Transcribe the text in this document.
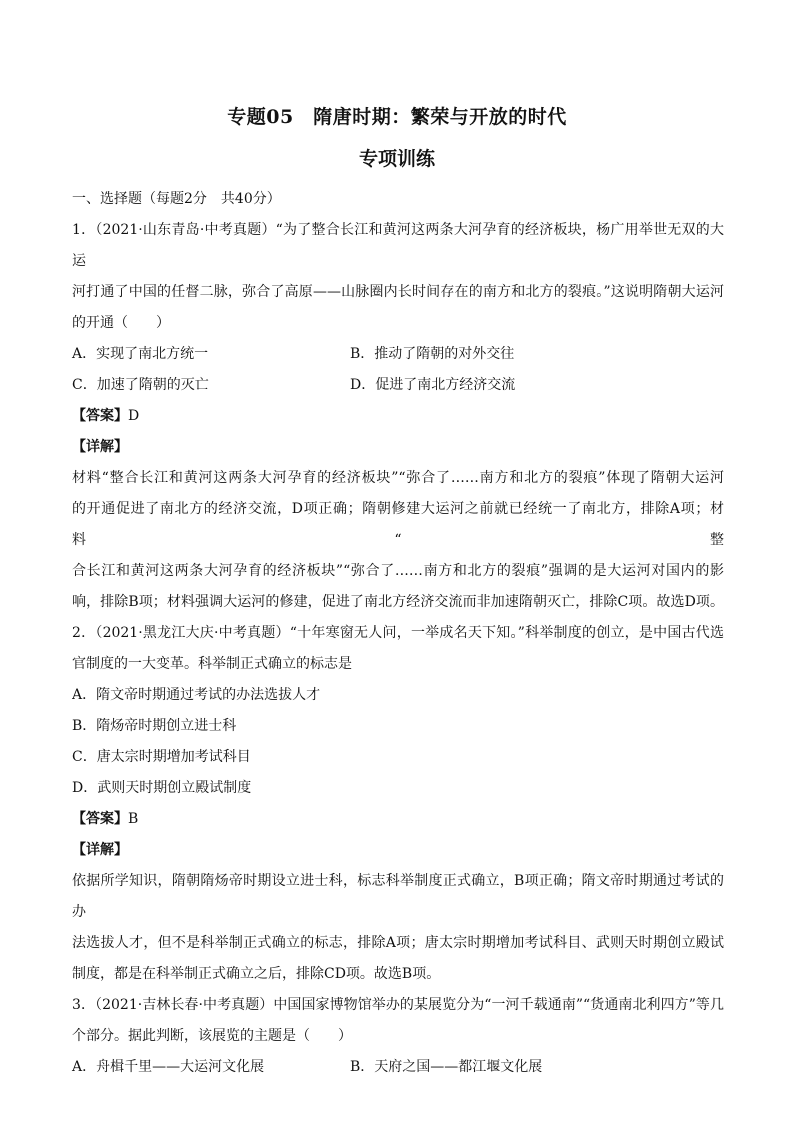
专题05　隋唐时期：繁荣与开放的时代
专项训练
一、选择题（每题2分　共40分）
1．（2021·山东青岛·中考真题）“为了整合长江和黄河这两条大河孕育的经济板块，杨广用举世无双的大运
河打通了中国的任督二脉，弥合了高原——山脉圈内长时间存在的南方和北方的裂痕。”这说明隋朝大运河
的开通（　　）
A．实现了南北方统一	B．推动了隋朝的对外交往
C．加速了隋朝的灭亡	D．促进了南北方经济交流
【答案】D
【详解】
材料“整合长江和黄河这两条大河孕育的经济板块”“弥合了……南方和北方的裂痕”体现了隋朝大运河
的开通促进了南北方的经济交流，D项正确；隋朝修建大运河之前就已经统一了南北方，排除A项；材料“整
合长江和黄河这两条大河孕育的经济板块”“弥合了……南方和北方的裂痕”强调的是大运河对国内的影
响，排除B项；材料强调大运河的修建，促进了南北方经济交流而非加速隋朝灭亡，排除C项。故选D项。
2．（2021·黑龙江大庆·中考真题）“十年寒窗无人问，一举成名天下知。”科举制度的创立，是中国古代选
官制度的一大变革。科举制正式确立的标志是
A．隋文帝时期通过考试的办法选拔人才
B．隋炀帝时期创立进士科
C．唐太宗时期增加考试科目
D．武则天时期创立殿试制度
【答案】B
【详解】
依据所学知识，隋朝隋炀帝时期设立进士科，标志科举制度正式确立，B项正确；隋文帝时期通过考试的办
法选拔人才，但不是科举制正式确立的标志，排除A项；唐太宗时期增加考试科目、武则天时期创立殿试
制度，都是在科举制正式确立之后，排除CD项。故选B项。
3．（2021·吉林长春·中考真题）中国国家博物馆举办的某展览分为“一河千载通南”“货通南北利四方”等几
个部分。据此判断，该展览的主题是（　　）
A．舟楫千里——大运河文化展	B．天府之国——都江堰文化展
